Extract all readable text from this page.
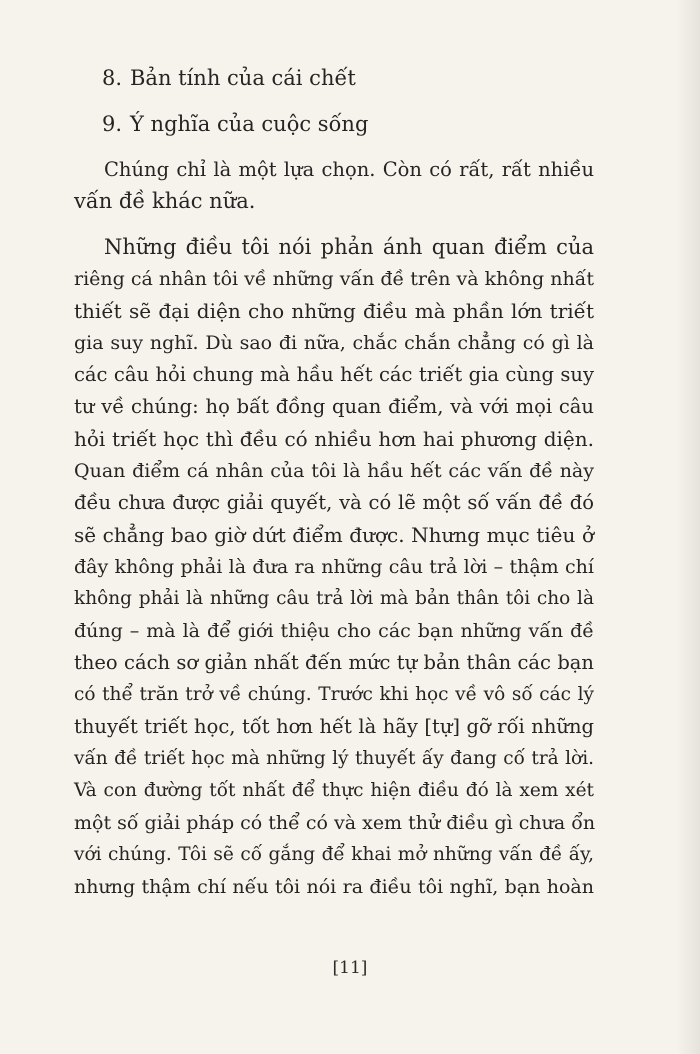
8. Bản tính của cái chết
9. Ý nghĩa của cuộc sống
Chúng chỉ là một lựa chọn. Còn có rất, rất nhiều
vấn đề khác nữa.
Những điều tôi nói phản ánh quan điểm của
riêng cá nhân tôi về những vấn đề trên và không nhất
thiết sẽ đại diện cho những điều mà phần lớn triết
gia suy nghĩ. Dù sao đi nữa, chắc chắn chẳng có gì là
các câu hỏi chung mà hầu hết các triết gia cùng suy
tư về chúng: họ bất đồng quan điểm, và với mọi câu
hỏi triết học thì đều có nhiều hơn hai phương diện.
Quan điểm cá nhân của tôi là hầu hết các vấn đề này
đều chưa được giải quyết, và có lẽ một số vấn đề đó
sẽ chẳng bao giờ dứt điểm được. Nhưng mục tiêu ở
đây không phải là đưa ra những câu trả lời – thậm chí
không phải là những câu trả lời mà bản thân tôi cho là
đúng – mà là để giới thiệu cho các bạn những vấn đề
theo cách sơ giản nhất đến mức tự bản thân các bạn
có thể trăn trở về chúng. Trước khi học về vô số các lý
thuyết triết học, tốt hơn hết là hãy [tự] gỡ rối những
vấn đề triết học mà những lý thuyết ấy đang cố trả lời.
Và con đường tốt nhất để thực hiện điều đó là xem xét
một số giải pháp có thể có và xem thử điều gì chưa ổn
với chúng. Tôi sẽ cố gắng để khai mở những vấn đề ấy,
nhưng thậm chí nếu tôi nói ra điều tôi nghĩ, bạn hoàn
[11]
